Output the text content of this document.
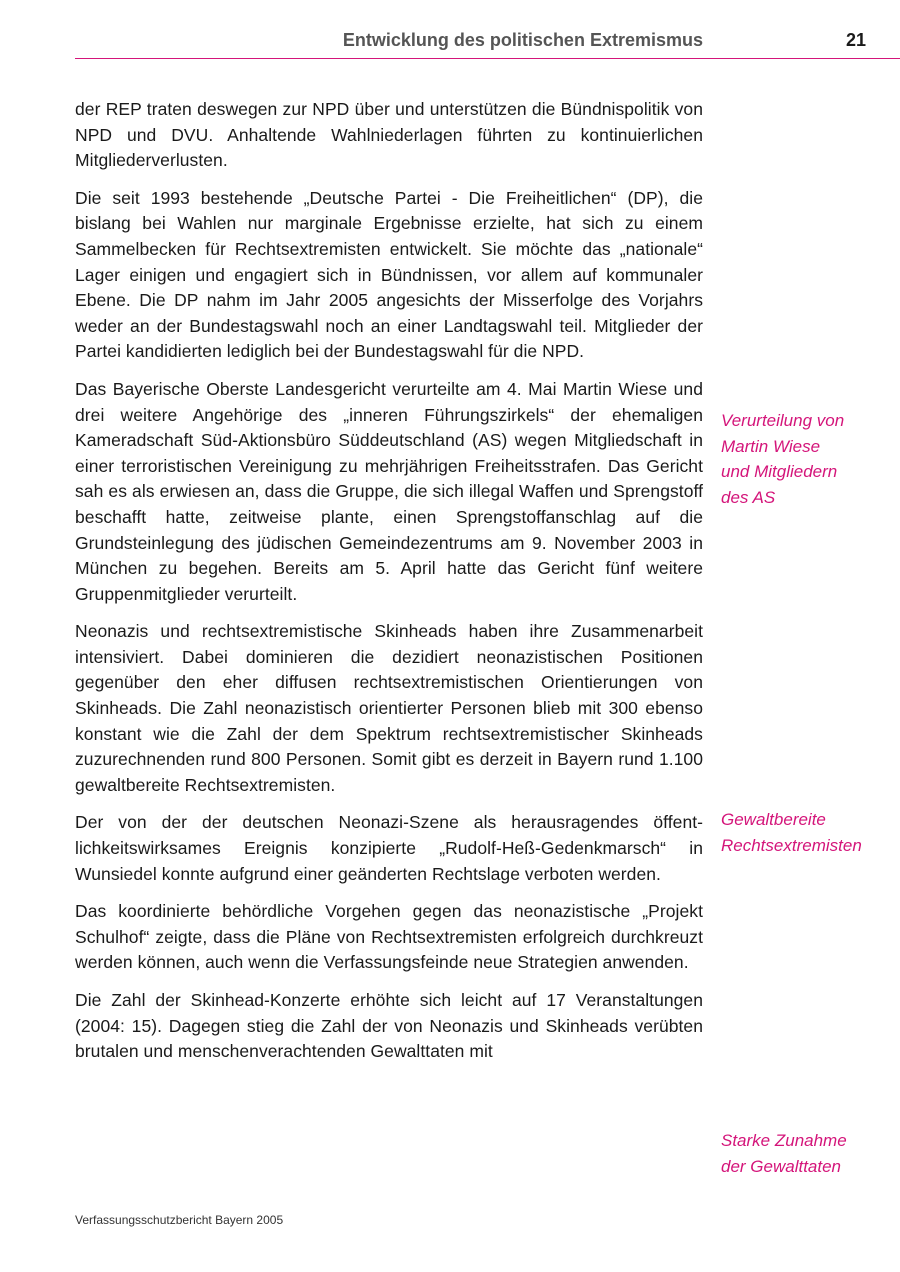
Entwicklung des politischen Extremismus	21

der REP traten deswegen zur NPD über und unterstützen die Bündnispolitik von NPD und DVU. Anhaltende Wahlniederlagen führten zu kontinuierlichen Mitgliederverlusten.

Die seit 1993 bestehende „Deutsche Partei - Die Freiheitlichen“ (DP), die bislang bei Wahlen nur marginale Ergebnisse erzielte, hat sich zu einem Sammelbecken für Rechtsextremisten entwickelt. Sie möchte das „nationale“ Lager einigen und engagiert sich in Bündnissen, vor allem auf kommunaler Ebene. Die DP nahm im Jahr 2005 angesichts der Misserfolge des Vorjahrs weder an der Bundestagswahl noch an einer Landtagswahl teil. Mitglieder der Partei kandidierten lediglich bei der Bundestagswahl für die NPD.

Das Bayerische Oberste Landesgericht verurteilte am 4. Mai Martin Wiese und drei weitere Angehörige des „inneren Führungszirkels“ der ehemaligen Kameradschaft Süd-Aktionsbüro Süddeutschland (AS) wegen Mitgliedschaft in einer terroristischen Vereinigung zu mehrjährigen Freiheitsstrafen. Das Gericht sah es als erwiesen an, dass die Gruppe, die sich illegal Waffen und Sprengstoff beschafft hatte, zeitweise plante, einen Sprengstoffanschlag auf die Grundsteinlegung des jüdischen Gemeindezentrums am 9. November 2003 in München zu begehen. Bereits am 5. April hatte das Gericht fünf weitere Gruppenmitglieder verurteilt.

Neonazis und rechtsextremistische Skinheads haben ihre Zusammenarbeit intensiviert. Dabei dominieren die dezidiert neonazistischen Positionen gegenüber den eher diffusen rechtsextremistischen Orientierungen von Skinheads. Die Zahl neonazistisch orientierter Personen blieb mit 300 ebenso konstant wie die Zahl der dem Spektrum rechtsextremistischer Skinheads zuzurechnenden rund 800 Personen. Somit gibt es derzeit in Bayern rund 1.100 gewaltbereite Rechtsextremisten.

Der von der der deutschen Neonazi-Szene als herausragendes öffentlichkeitswirksames Ereignis konzipierte „Rudolf-Heß-Gedenkmarsch“ in Wunsiedel konnte aufgrund einer geänderten Rechtslage verboten werden.

Das koordinierte behördliche Vorgehen gegen das neonazistische „Projekt Schulhof“ zeigte, dass die Pläne von Rechtsextremisten erfolgreich durchkreuzt werden können, auch wenn die Verfassungsfeinde neue Strategien anwenden.

Die Zahl der Skinhead-Konzerte erhöhte sich leicht auf 17 Veranstaltungen (2004: 15). Dagegen stieg die Zahl der von Neonazis und Skinheads verübten brutalen und menschenverachtenden Gewalttaten mit

Verurteilung von
Martin Wiese
und Mitgliedern
des AS
Gewaltbereite
Rechtsextremisten
Starke Zunahme
der Gewalttaten
Verfassungsschutzbericht Bayern 2005
